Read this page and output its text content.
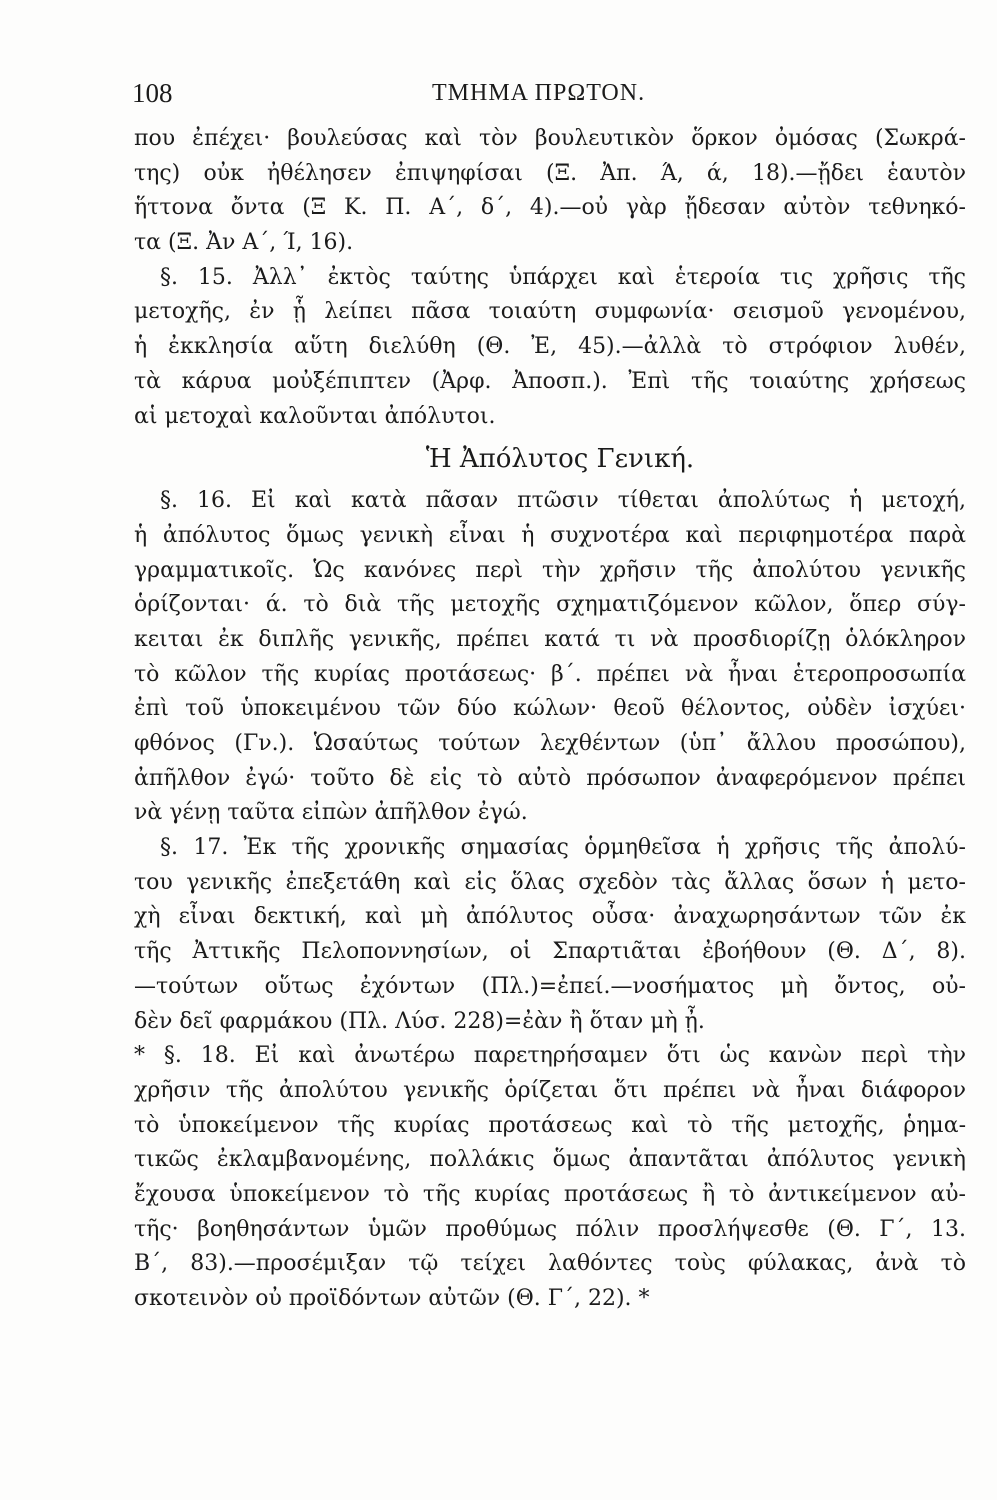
108	ΤΜΗΜΑ ΠΡΩΤΟΝ.
που ἐπέχει· βουλεύσας καὶ τὸν βουλευτικὸν ὅρκον ὀμόσας (Σωκρά-
της) οὐκ ἠθέλησεν ἐπιψηφίσαι (Ξ. Ἀπ. Ά, ά, 18).—ᾔδει ἑαυτὸν
ἥττονα ὄντα (Ξ Κ. Π. Α΄, δ΄, 4).—οὐ γὰρ ᾔδεσαν αὐτὸν τεθνηκό-
τα (Ξ. Ἀν Α΄, Ί, 16).
§. 15. Ἀλλ᾽ ἐκτὸς ταύτης ὑπάρχει καὶ ἑτεροία τις χρῆσις τῆς
μετοχῆς, ἐν ᾗ λείπει πᾶσα τοιαύτη συμφωνία· σεισμοῦ γενομένου,
ἡ ἐκκλησία αὕτη διελύθη (Θ. Ἐ, 45).—ἀλλὰ τὸ στρόφιον λυθέν,
τὰ κάρυα μοὐξέπιπτεν (Ἀρφ. Ἀποσπ.). Ἐπὶ τῆς τοιαύτης χρήσεως
αἱ μετοχαὶ καλοῦνται ἀπόλυτοι.
Ἡ Ἀπόλυτος Γενική.
§. 16. Εἰ καὶ κατὰ πᾶσαν πτῶσιν τίθεται ἀπολύτως ἡ μετοχή,
ἡ ἀπόλυτος ὅμως γενικὴ εἶναι ἡ συχνοτέρα καὶ περιφημοτέρα παρὰ
γραμματικοῖς. Ὡς κανόνες περὶ τὴν χρῆσιν τῆς ἀπολύτου γενικῆς
ὁρίζονται· ά. τὸ διὰ τῆς μετοχῆς σχηματιζόμενον κῶλον, ὅπερ σύγ-
κειται ἐκ διπλῆς γενικῆς, πρέπει κατά τι νὰ προσδιορίζῃ ὁλόκληρον
τὸ κῶλον τῆς κυρίας προτάσεως· β΄. πρέπει νὰ ἦναι ἑτεροπροσωπία
ἐπὶ τοῦ ὑποκειμένου τῶν δύο κώλων· θεοῦ θέλοντος, οὐδὲν ἰσχύει·
φθόνος (Γν.). Ὡσαύτως τούτων λεχθέντων (ὑπ᾽ ἄλλου προσώπου),
ἀπῆλθον ἐγώ· τοῦτο δὲ εἰς τὸ αὐτὸ πρόσωπον ἀναφερόμενον πρέπει
νὰ γένῃ ταῦτα εἰπὼν ἀπῆλθον ἐγώ.
§. 17. Ἐκ τῆς χρονικῆς σημασίας ὁρμηθεῖσα ἡ χρῆσις τῆς ἀπολύ-
του γενικῆς ἐπεξετάθη καὶ εἰς ὅλας σχεδὸν τὰς ἄλλας ὅσων ἡ μετο-
χὴ εἶναι δεκτική, καὶ μὴ ἀπόλυτος οὖσα· ἀναχωρησάντων τῶν ἐκ
τῆς Ἀττικῆς Πελοποννησίων, οἱ Σπαρτιᾶται ἐβοήθουν (Θ. Δ΄, 8).
—τούτων οὕτως ἐχόντων (Πλ.)=ἐπεί.—νοσήματος μὴ ὄντος, οὐ-
δὲν δεῖ φαρμάκου (Πλ. Λύσ. 228)=ἐὰν ἢ ὅταν μὴ ᾖ.
* §. 18. Εἰ καὶ ἀνωτέρω παρετηρήσαμεν ὅτι ὡς κανὼν περὶ τὴν
χρῆσιν τῆς ἀπολύτου γενικῆς ὁρίζεται ὅτι πρέπει νὰ ἦναι διάφορον
τὸ ὑποκείμενον τῆς κυρίας προτάσεως καὶ τὸ τῆς μετοχῆς, ῥημα-
τικῶς ἐκλαμβανομένης, πολλάκις ὅμως ἀπαντᾶται ἀπόλυτος γενικὴ
ἔχουσα ὑποκείμενον τὸ τῆς κυρίας προτάσεως ἢ τὸ ἀντικείμενον αὐ-
τῆς· βοηθησάντων ὑμῶν προθύμως πόλιν προσλήψεσθε (Θ. Γ΄, 13.
Β΄, 83).—προσέμιξαν τῷ τείχει λαθόντες τοὺς φύλακας, ἀνὰ τὸ
σκοτεινὸν οὐ προϊδόντων αὐτῶν (Θ. Γ΄, 22). *
